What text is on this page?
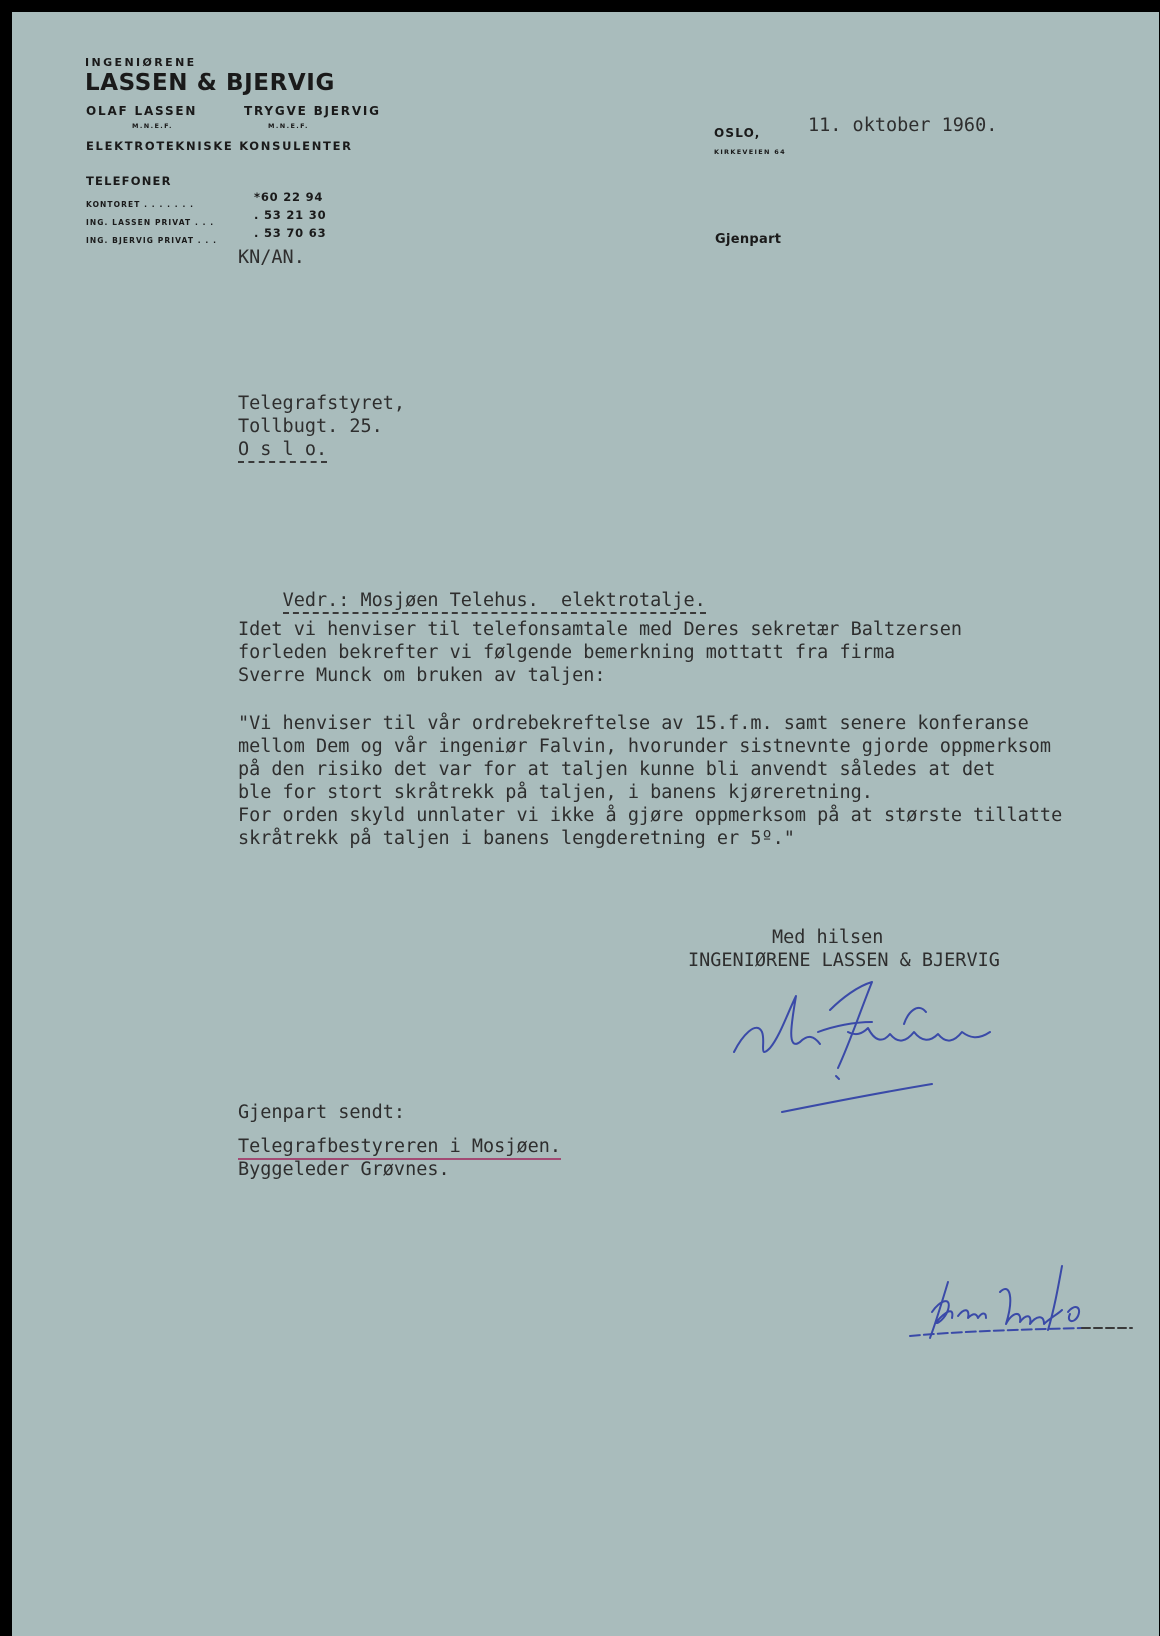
INGENIØRENE
LASSEN & BJERVIG
OLAF LASSEN
M.N.E.F.
TRYGVE BJERVIG
M.N.E.F.
ELEKTROTEKNISKE KONSULENTER
TELEFONER
KONTORET . . . . . . .
*60 22 94
ING. LASSEN PRIVAT . . .
. 53 21 30
ING. BJERVIG PRIVAT . . .
. 53 70 63
OSLO,
KIRKEVEIEN 64
Gjenpart
11. oktober 1960.
KN/AN.
Telegrafstyret,
Tollbugt. 25.
O s l o.

Vedr.: Mosjøen Telehus.  elektrotalje.

Idet vi henviser til telefonsamtale med Deres sekretær Baltzersen
forleden bekrefter vi følgende bemerkning mottatt fra firma
Sverre Munck om bruken av taljen:
"Vi henviser til vår ordrebekreftelse av 15.f.m. samt senere konferanse
mellom Dem og vår ingeniør Falvin, hvorunder sistnevnte gjorde oppmerksom
på den risiko det var for at taljen kunne bli anvendt således at det
ble for stort skråtrekk på taljen, i banens kjøreretning.
For orden skyld unnlater vi ikke å gjøre oppmerksom på at største tillatte
skråtrekk på taljen i banens lengderetning er 5º."
Med hilsen
INGENIØRENE LASSEN & BJERVIG
Gjenpart sendt:
Telegrafbestyreren i Mosjøen.
Byggeleder Grøvnes.
